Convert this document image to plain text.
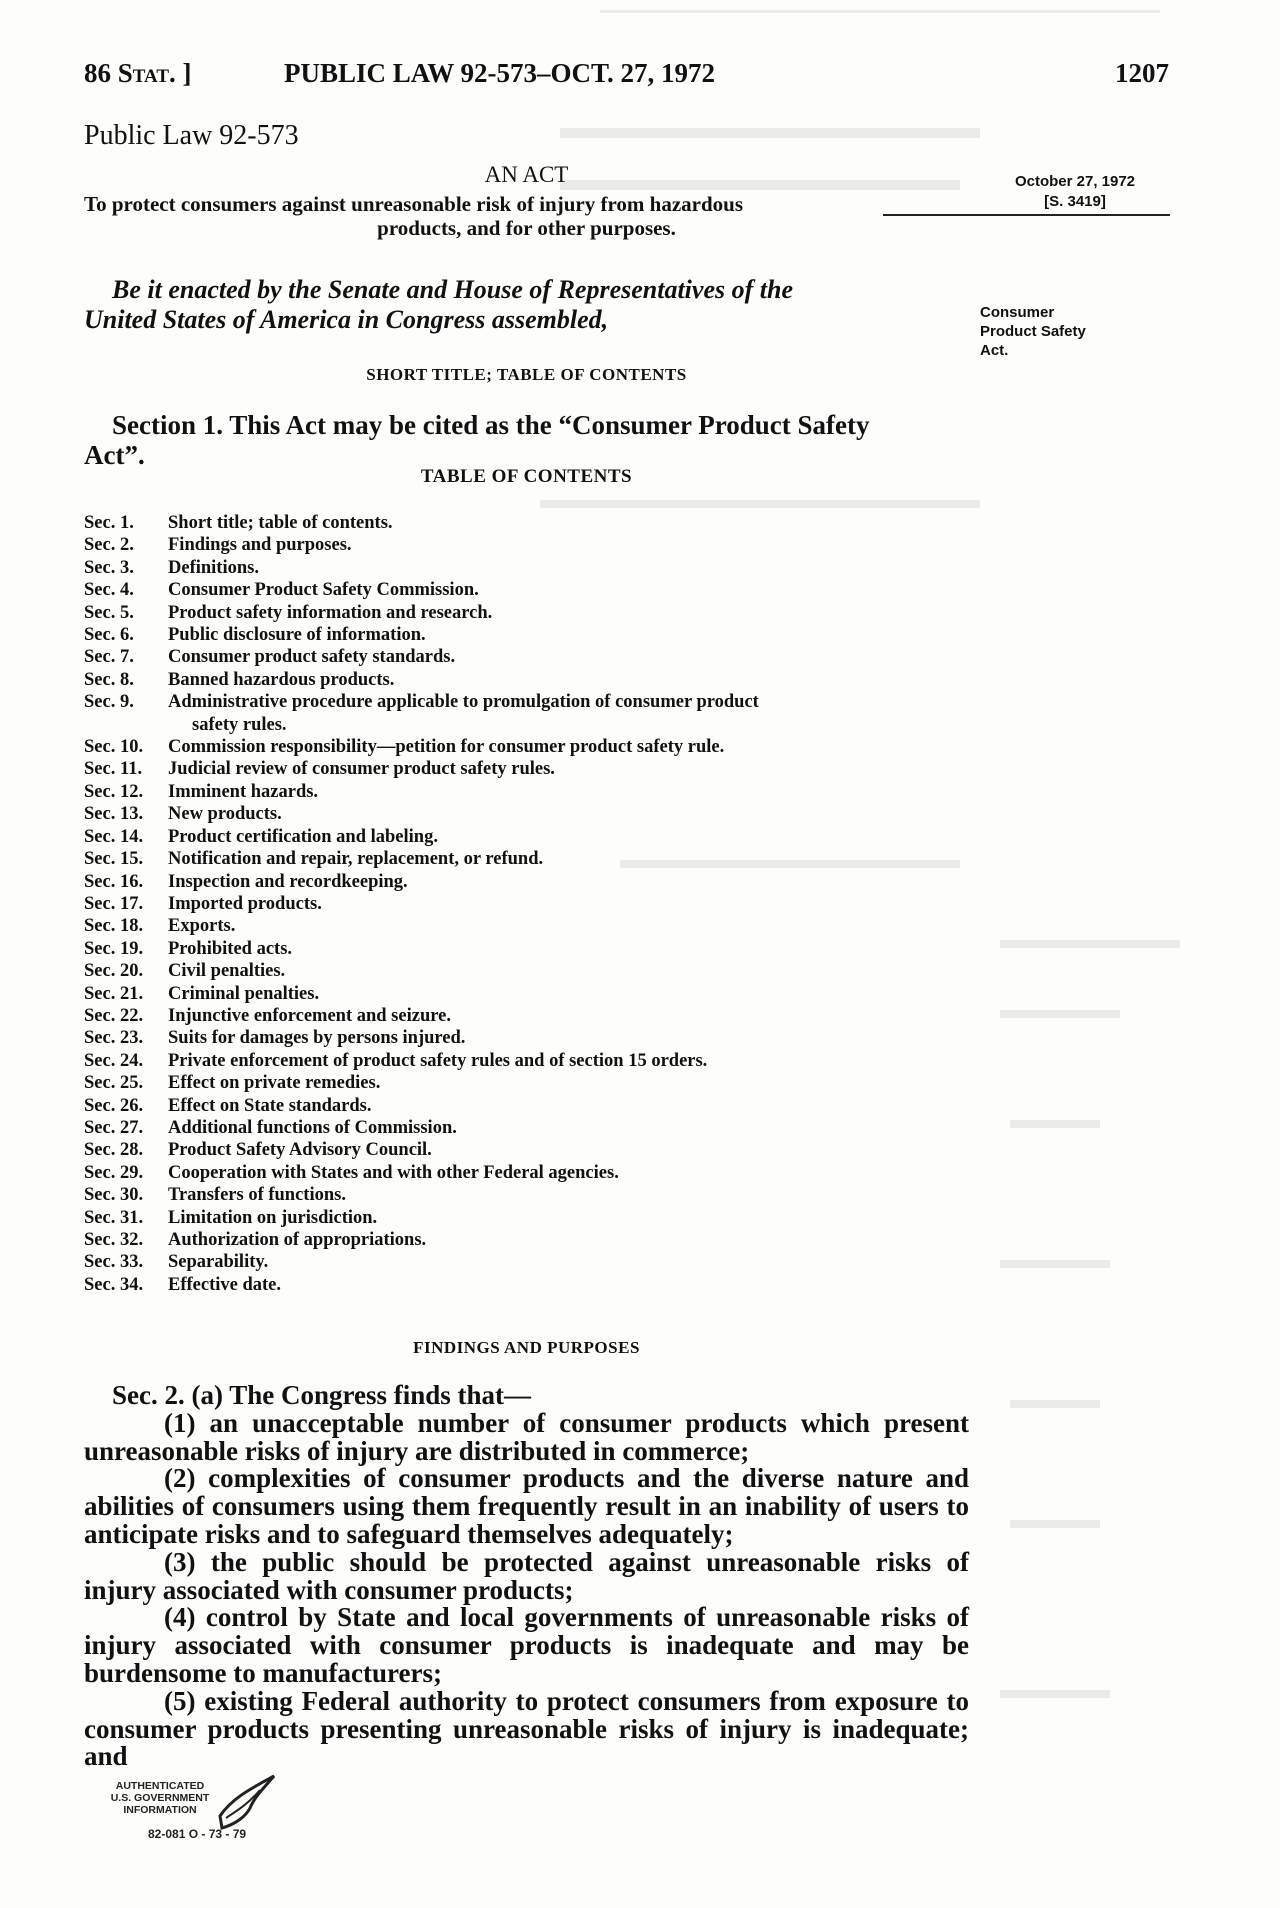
86 Stat. ]	PUBLIC LAW 92-573–OCT. 27, 1972	1207
Public Law 92-573
AN ACT
To protect consumers against unreasonable risk of injury from hazardous
products, and for other purposes.
October 27, 1972
[S. 3419]
Consumer
Product Safety
Act.
Be it enacted by the Senate and House of Representatives of the
United States of America in Congress assembled,
SHORT TITLE; TABLE OF CONTENTS
Section 1. This Act may be cited as the “Consumer Product Safety
Act”.
TABLE OF CONTENTS
Sec. 1.	Short title; table of contents.
Sec. 2.	Findings and purposes.
Sec. 3.	Definitions.
Sec. 4.	Consumer Product Safety Commission.
Sec. 5.	Product safety information and research.
Sec. 6.	Public disclosure of information.
Sec. 7.	Consumer product safety standards.
Sec. 8.	Banned hazardous products.
Sec. 9.	Administrative procedure applicable to promulgation of consumer product
safety rules.
Sec. 10.	Commission responsibility—petition for consumer product safety rule.
Sec. 11.	Judicial review of consumer product safety rules.
Sec. 12.	Imminent hazards.
Sec. 13.	New products.
Sec. 14.	Product certification and labeling.
Sec. 15.	Notification and repair, replacement, or refund.
Sec. 16.	Inspection and recordkeeping.
Sec. 17.	Imported products.
Sec. 18.	Exports.
Sec. 19.	Prohibited acts.
Sec. 20.	Civil penalties.
Sec. 21.	Criminal penalties.
Sec. 22.	Injunctive enforcement and seizure.
Sec. 23.	Suits for damages by persons injured.
Sec. 24.	Private enforcement of product safety rules and of section 15 orders.
Sec. 25.	Effect on private remedies.
Sec. 26.	Effect on State standards.
Sec. 27.	Additional functions of Commission.
Sec. 28.	Product Safety Advisory Council.
Sec. 29.	Cooperation with States and with other Federal agencies.
Sec. 30.	Transfers of functions.
Sec. 31.	Limitation on jurisdiction.
Sec. 32.	Authorization of appropriations.
Sec. 33.	Separability.
Sec. 34.	Effective date.
FINDINGS AND PURPOSES

Sec. 2. (a) The Congress finds that—

(1) an unacceptable number of consumer products which present unreasonable risks of injury are distributed in commerce;

(2) complexities of consumer products and the diverse nature and abilities of consumers using them frequently result in an inability of users to anticipate risks and to safeguard themselves adequately;

(3) the public should be protected against unreasonable risks of injury associated with consumer products;

(4) control by State and local governments of unreasonable risks of injury associated with consumer products is inadequate and may be burdensome to manufacturers;

(5) existing Federal authority to protect consumers from exposure to consumer products presenting unreasonable risks of injury is inadequate; and

AUTHENTICATED
U.S. GOVERNMENT
INFORMATION
82-081 O - 73 - 79
